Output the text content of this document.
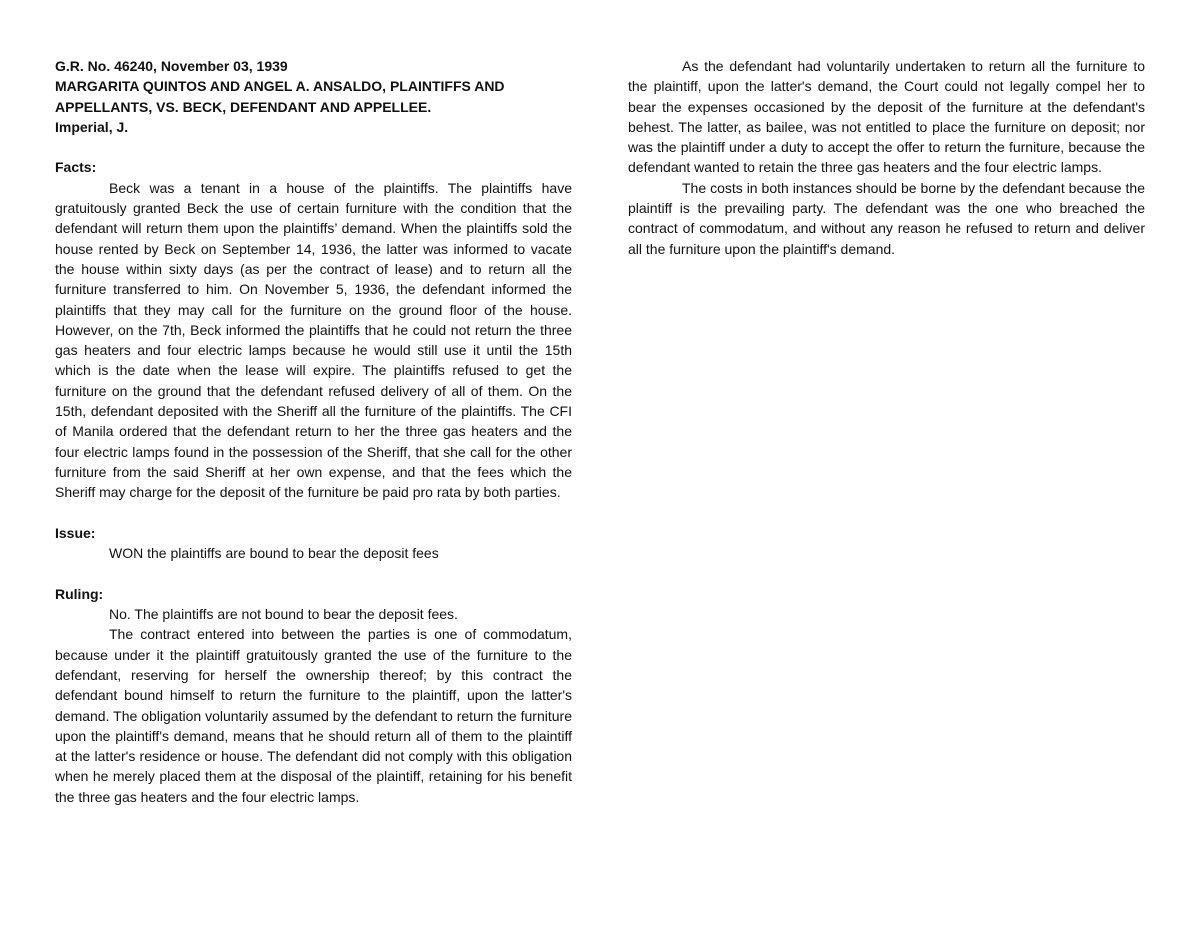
G.R. No. 46240, November 03, 1939

MARGARITA QUINTOS AND ANGEL A. ANSALDO, PLAINTIFFS AND

APPELLANTS, VS. BECK, DEFENDANT AND APPELLEE.

Imperial, J.

Facts:

Beck was a tenant in a house of the plaintiffs. The plaintiffs have gratuitously granted Beck the use of certain furniture with the condition that the defendant will return them upon the plaintiffs’ demand. When the plaintiffs sold the house rented by Beck on September 14, 1936, the latter was informed to vacate the house within sixty days (as per the contract of lease) and to return all the furniture transferred to him. On November 5, 1936, the defendant informed the plaintiffs that they may call for the furniture on the ground floor of the house. However, on the 7th, Beck informed the plaintiffs that he could not return the three gas heaters and four electric lamps because he would still use it until the 15th which is the date when the lease will expire. The plaintiffs refused to get the furniture on the ground that the defendant refused delivery of all of them. On the 15th, defendant deposited with the Sheriff all the furniture of the plaintiffs. The CFI of Manila ordered that the defendant return to her the three gas heaters and the four electric lamps found in the possession of the Sheriff, that she call for the other furniture from the said Sheriff at her own expense, and that the fees which the Sheriff may charge for the deposit of the furniture be paid pro rata by both parties.

Issue:

WON the plaintiffs are bound to bear the deposit fees

Ruling:

No. The plaintiffs are not bound to bear the deposit fees.

The contract entered into between the parties is one of commodatum, because under it the plaintiff gratuitously granted the use of the furniture to the defendant, reserving for herself the ownership thereof; by this contract the defendant bound himself to return the furniture to the plaintiff, upon the latter's demand. The obligation voluntarily assumed by the defendant to return the furniture upon the plaintiff's demand, means that he should return all of them to the plaintiff at the latter's residence or house. The defendant did not comply with this obligation when he merely placed them at the disposal of the plaintiff, retaining for his benefit the three gas heaters and the four electric lamps.

As the defendant had voluntarily undertaken to return all the furniture to the plaintiff, upon the latter's demand, the Court could not legally compel her to bear the expenses occasioned by the deposit of the furniture at the defendant's behest. The latter, as bailee, was not entitled to place the furniture on deposit; nor was the plaintiff under a duty to accept the offer to return the furniture, because the defendant wanted to retain the three gas heaters and the four electric lamps.

The costs in both instances should be borne by the defendant because the plaintiff is the prevailing party. The defendant was the one who breached the contract of commodatum, and without any reason he refused to return and deliver all the furniture upon the plaintiff's demand.
